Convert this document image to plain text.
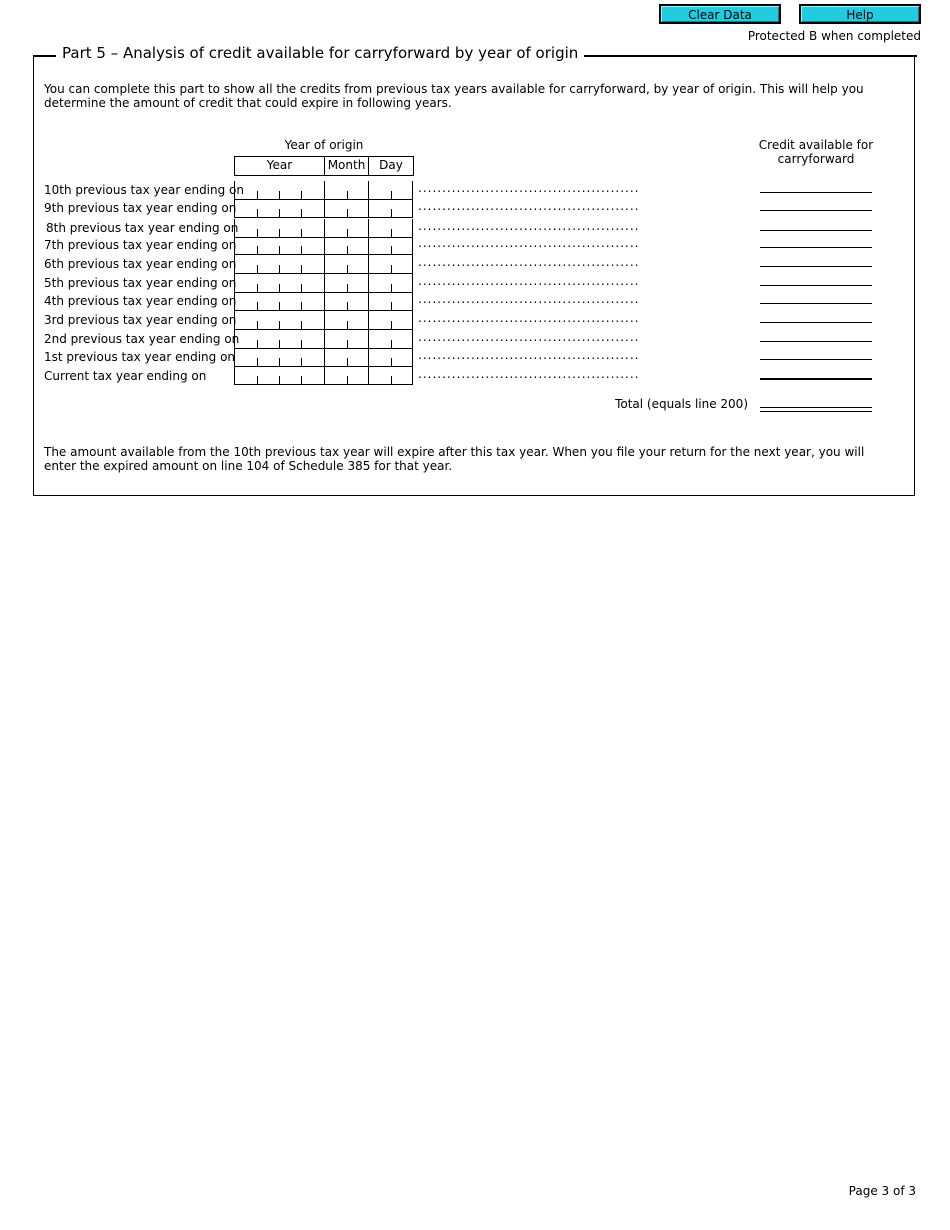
Clear Data	Help
Protected B when completed
Part 5 – Analysis of credit available for carryforward by year of origin
You can complete this part to show all the credits from previous tax years available for carryforward, by year of origin. This will help you determine the amount of credit that could expire in following years.
Year of origin
Year	Month	Day
Credit available for carryforward
10th previous tax year ending on	..............................................
9th previous tax year ending on	..............................................
8th previous tax year ending on	..............................................
7th previous tax year ending on	..............................................
6th previous tax year ending on	..............................................
5th previous tax year ending on	..............................................
4th previous tax year ending on	..............................................
3rd previous tax year ending on	..............................................
2nd previous tax year ending on	..............................................
1st previous tax year ending on	..............................................
Current tax year ending on	..............................................
Total (equals line 200)
The amount available from the 10th previous tax year will expire after this tax year. When you file your return for the next year, you will enter the expired amount on line 104 of Schedule 385 for that year.
Page 3 of 3
